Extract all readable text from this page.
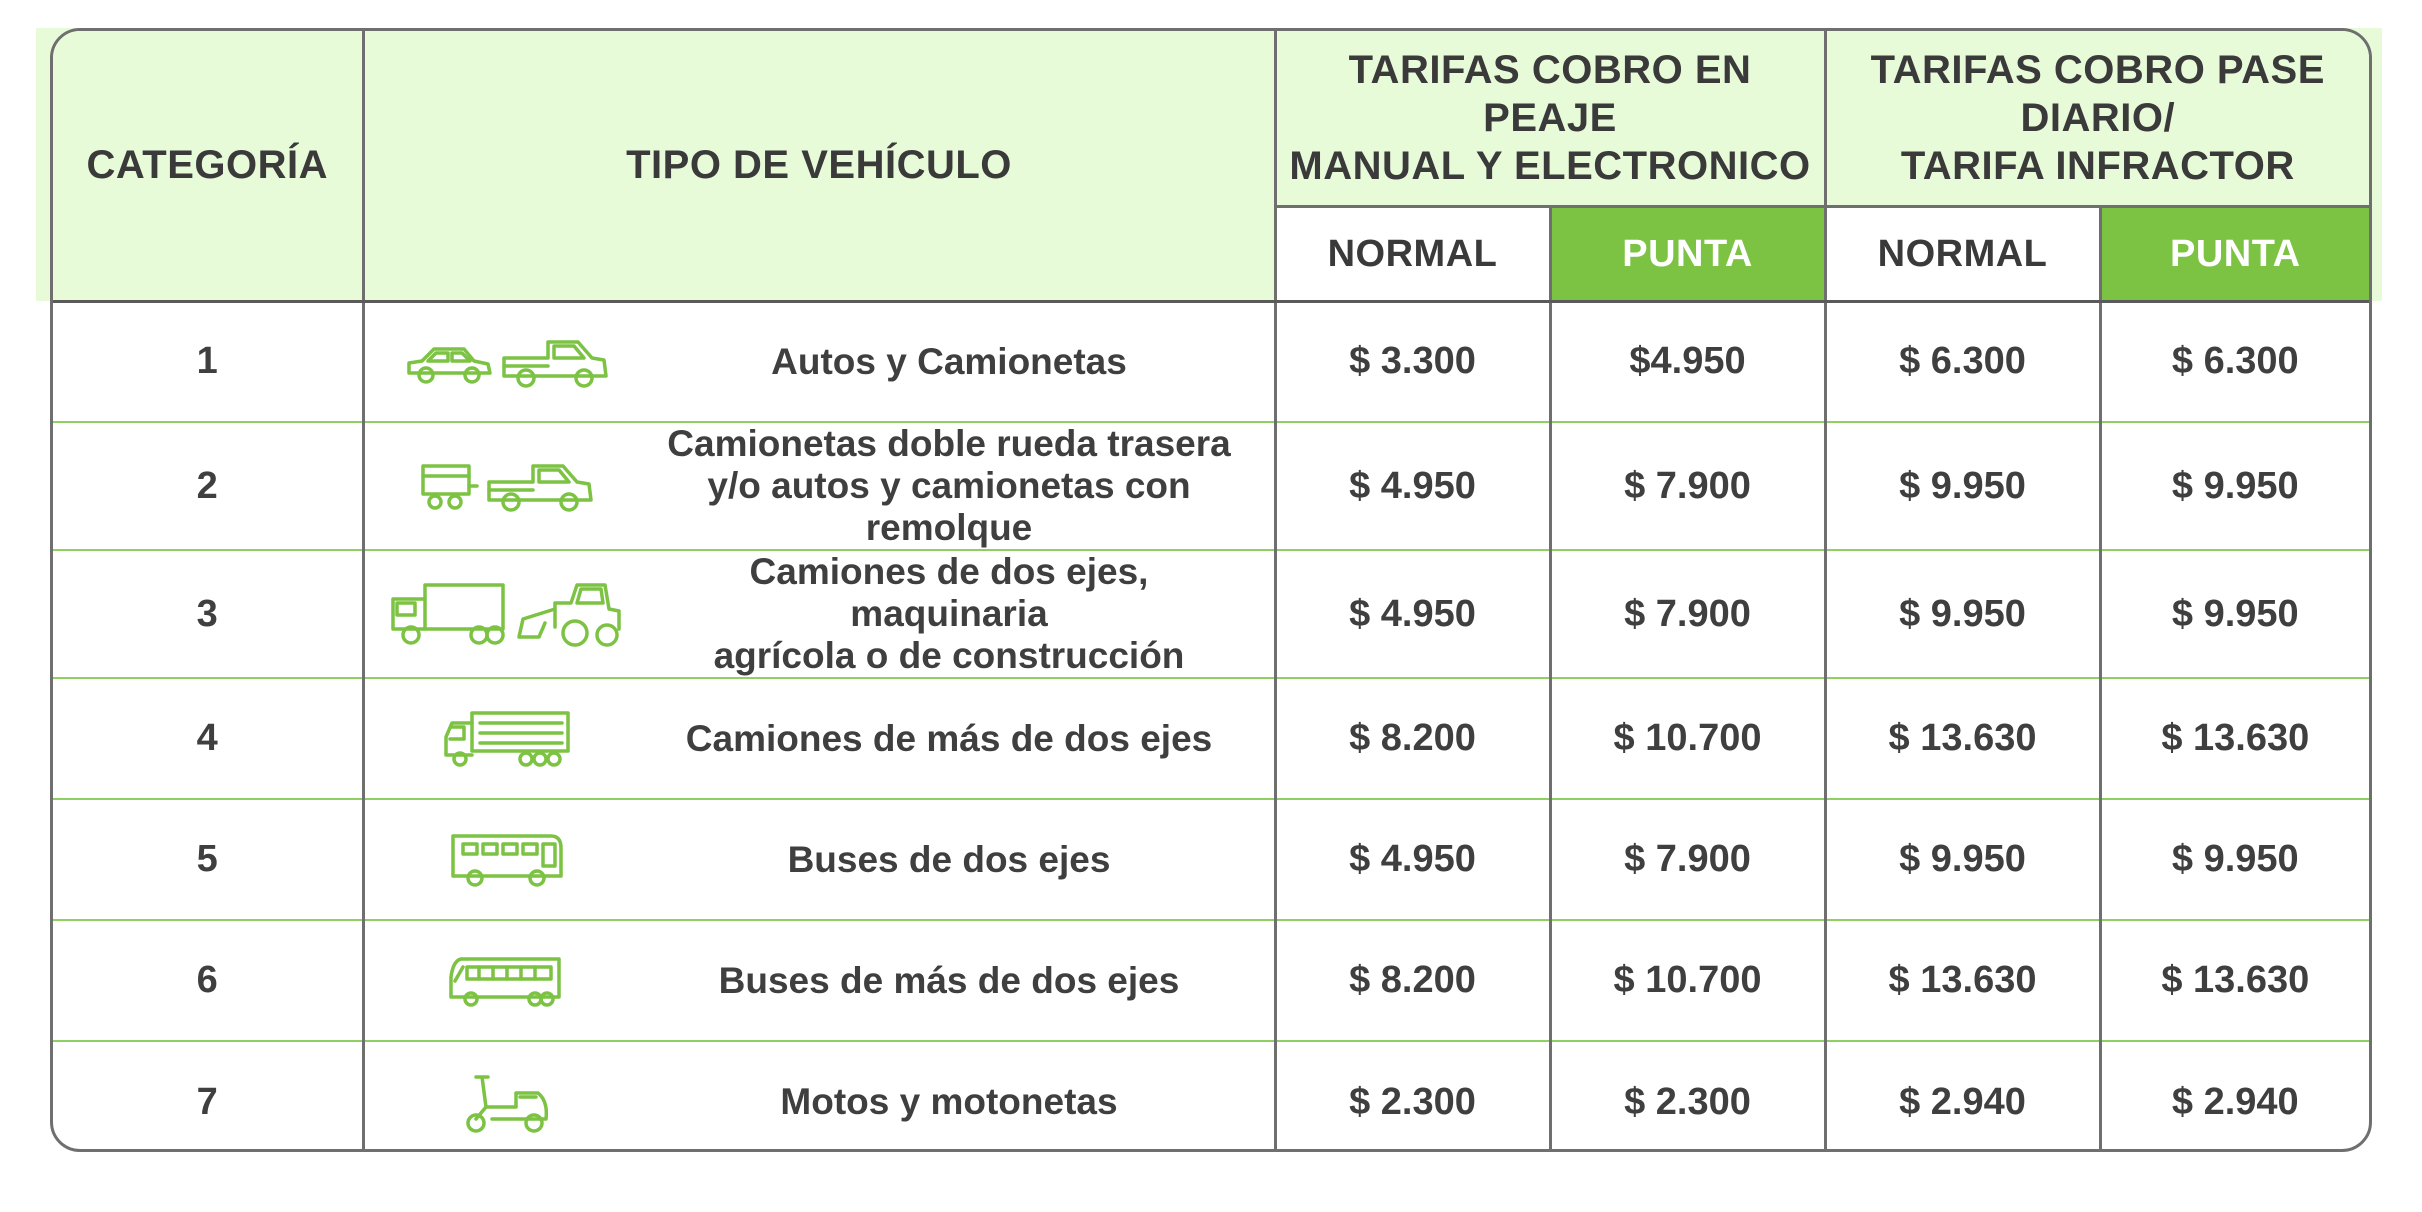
CATEGORÍA	TIPO DE VEHÍCULO	TARIFAS COBRO EN PEAJE
MANUAL Y ELECTRONICO		TARIFAS COBRO PASE DIARIO/
TARIFA INFRACTOR	
		NORMAL	PUNTA	NORMAL	PUNTA
1	Autos y Camionetas	$ 3.300	$4.950	$ 6.300	$ 6.300
2	Camionetas doble rueda trasera
y/o autos y camionetas con remolque	$ 4.950	$ 7.900	$ 9.950	$ 9.950
3	Camiones de dos ejes, maquinaria
agrícola o de construcción	$ 4.950	$ 7.900	$ 9.950	$ 9.950
4	Camiones de más de dos ejes	$ 8.200	$ 10.700	$ 13.630	$ 13.630
5	Buses de dos ejes	$ 4.950	$ 7.900	$ 9.950	$ 9.950
6	Buses de más de dos ejes	$ 8.200	$ 10.700	$ 13.630	$ 13.630
7	Motos y motonetas	$ 2.300	$ 2.300	$ 2.940	$ 2.940
